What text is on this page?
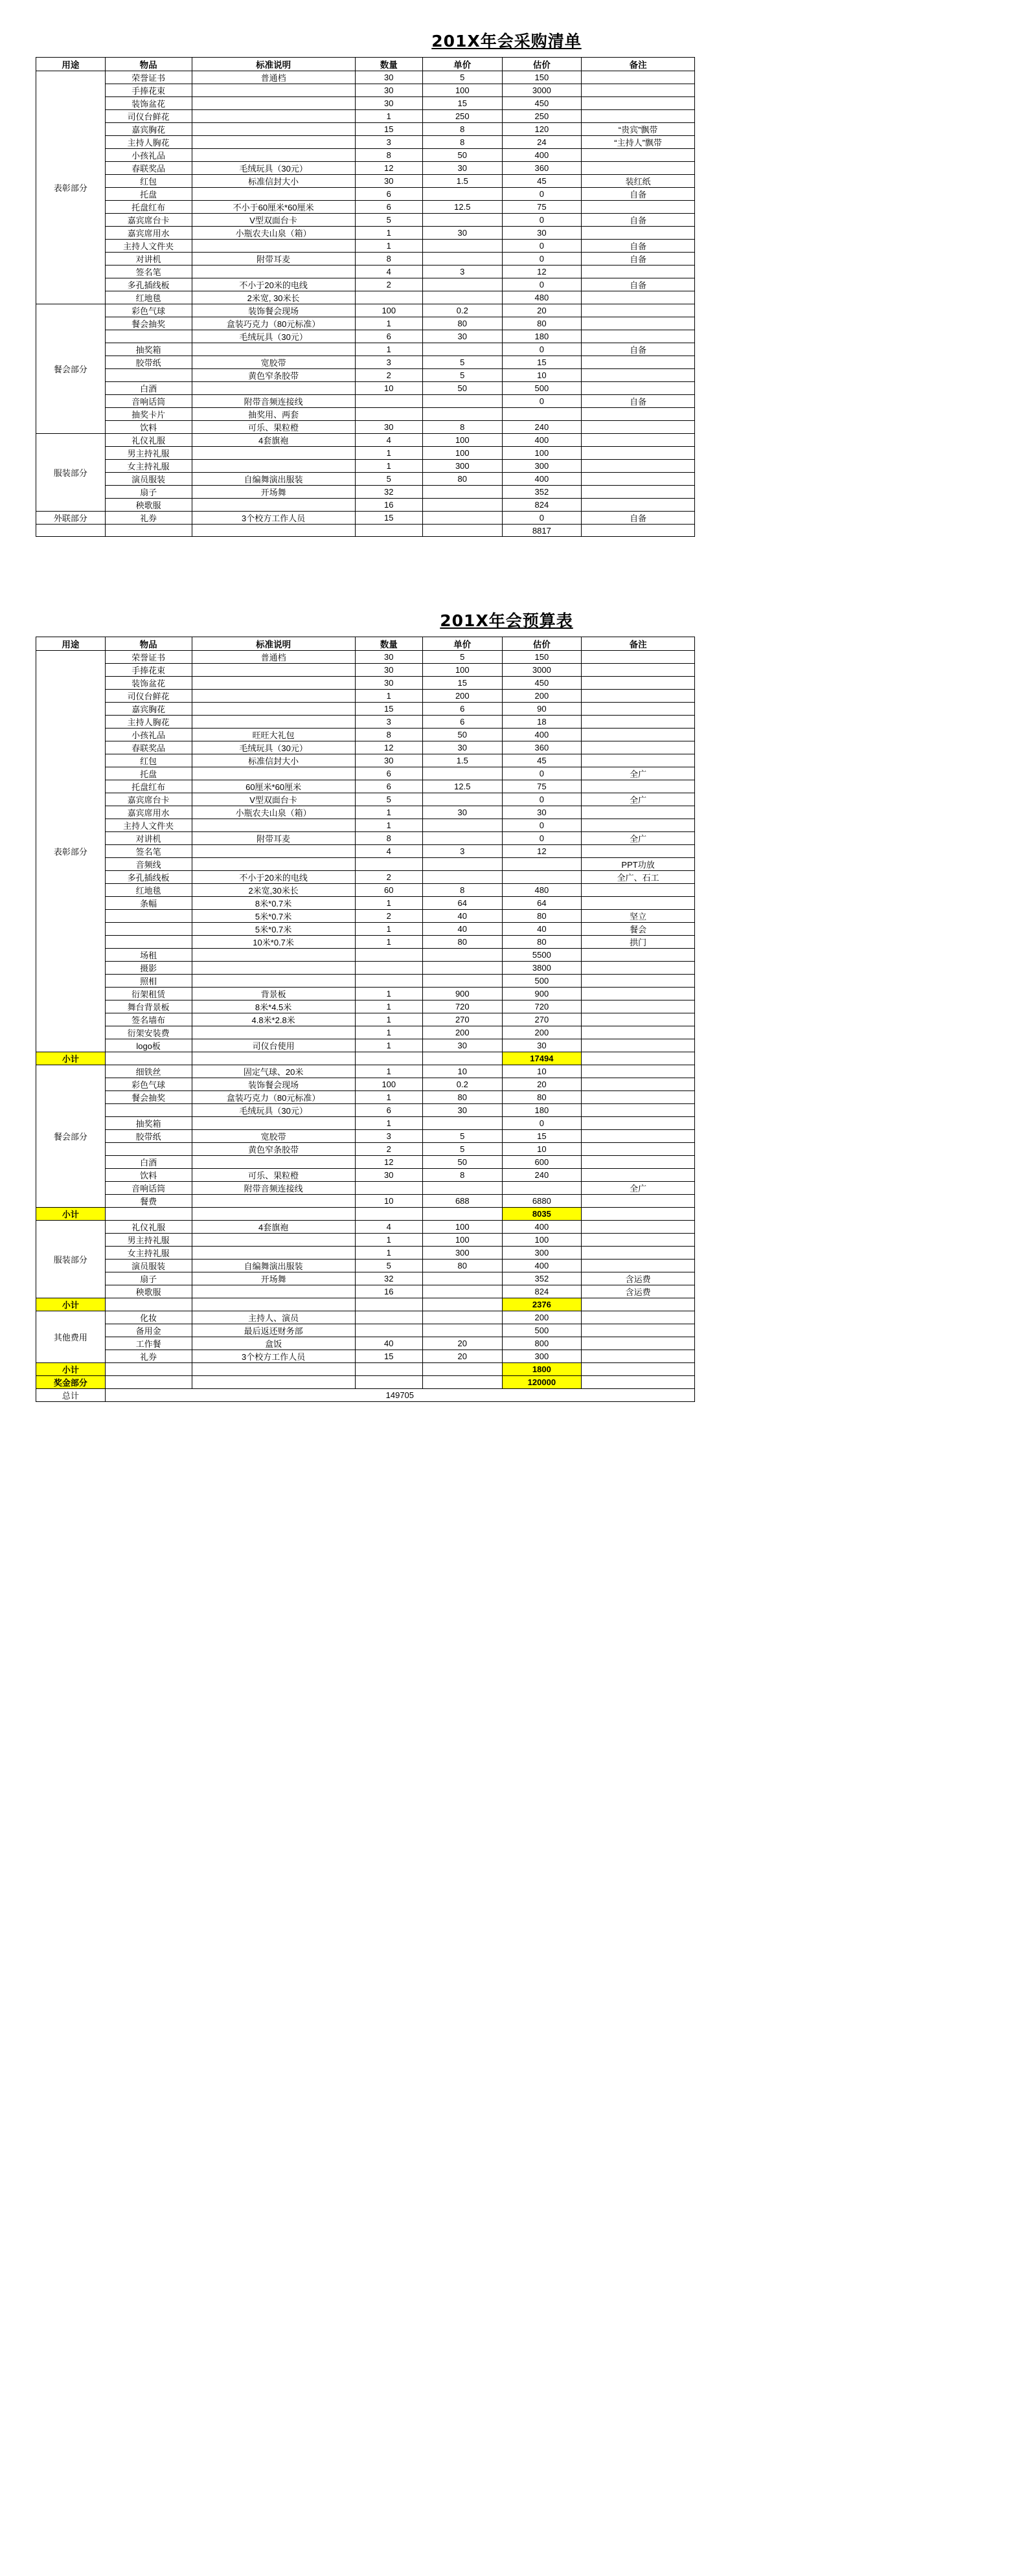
201X年会采购清单
用途	物品	标准说明	数量	单价	估价	备注
表彰部分	荣誉证书	普通档	30	5	150	
	手捧花束		30	100	3000	
	装饰盆花		30	15	450	
	司仪台鲜花		1	250	250	
	嘉宾胸花		15	8	120	“贵宾”飘带
	主持人胸花		3	8	24	“主持人”飘带
	小孩礼品		8	50	400	
	春联奖品	毛绒玩具（30元）	12	30	360	
	红包	标准信封大小	30	1.5	45	装红纸
	托盘		6		0	自备
	托盘红布	不小于60厘米*60厘米	6	12.5	75	
	嘉宾席台卡	V型双面台卡	5		0	自备
	嘉宾席用水	小瓶农夫山泉（箱）	1	30	30	
	主持人文件夹		1		0	自备
	对讲机	附带耳麦	8		0	自备
	签名笔		4	3	12	
	多孔插线板	不小于20米的电线	2		0	自备
	红地毯	2米宽, 30米长			480	
餐会部分	彩色气球	装饰餐会现场	100	0.2	20	
	餐会抽奖	盒装巧克力（80元标准）	1	80	80	
		毛绒玩具（30元）	6	30	180	
	抽奖箱		1		0	自备
	胶带纸	宽胶带	3	5	15	
		黄色窄条胶带	2	5	10	
	白酒		10	50	500	
	音响话筒	附带音频连接线			0	自备
	抽奖卡片	抽奖用、两套				
	饮料	可乐、果粒橙	30	8	240	
服装部分	礼仪礼服	4套旗袍	4	100	400	
	男主持礼服		1	100	100	
	女主持礼服		1	300	300	
	演员服装	自编舞演出服装	5	80	400	
	扇子	开场舞	32		352	
	秧歌服		16		824	
外联部分	礼券	3个校方工作人员	15		0	自备
					8817	
201X年会预算表
用途	物品	标准说明	数量	单价	估价	备注
表彰部分	荣誉证书	普通档	30	5	150	
	手捧花束		30	100	3000	
	装饰盆花		30	15	450	
	司仪台鲜花		1	200	200	
	嘉宾胸花		15	6	90	
	主持人胸花		3	6	18	
	小孩礼品	旺旺大礼包	8	50	400	
	春联奖品	毛绒玩具（30元）	12	30	360	
	红包	标准信封大小	30	1.5	45	
	托盘		6		0	全广
	托盘红布	60厘米*60厘米	6	12.5	75	
	嘉宾席台卡	V型双面台卡	5		0	全广
	嘉宾席用水	小瓶农夫山泉（箱）	1	30	30	
	主持人文件夹		1		0	
	对讲机	附带耳麦	8		0	全广
	签名笔		4	3	12	
	音频线					PPT功放
	多孔插线板	不小于20米的电线	2			全广、石工
	红地毯	2米宽,30米长	60	8	480	
	条幅	8米*0.7米	1	64	64	
		5米*0.7米	2	40	80	坚立
		5米*0.7米	1	40	40	餐会
		10米*0.7米	1	80	80	拱门
	场租				5500	
	摄影				3800	
	照相				500	
	衍架租赁	背景板	1	900	900	
	舞台背景板	8米*4.5米	1	720	720	
	签名墙布	4.8米*2.8米	1	270	270	
	衍架安装费		1	200	200	
	logo板	司仪台使用	1	30	30	
小计					17494	
餐会部分	细铁丝	固定气球、20米	1	10	10	
	彩色气球	装饰餐会现场	100	0.2	20	
	餐会抽奖	盒装巧克力（80元标准）	1	80	80	
		毛绒玩具（30元）	6	30	180	
	抽奖箱		1		0	
	胶带纸	宽胶带	3	5	15	
		黄色窄条胶带	2	5	10	
	白酒		12	50	600	
	饮料	可乐、果粒橙	30	8	240	
	音响话筒	附带音频连接线				全广
	餐费		10	688	6880	
小计					8035	
服装部分	礼仪礼服	4套旗袍	4	100	400	
	男主持礼服		1	100	100	
	女主持礼服		1	300	300	
	演员服装	自编舞演出服装	5	80	400	
	扇子	开场舞	32		352	含运费
	秧歌服		16		824	含运费
小计					2376	
其他费用	化妆	主持人、演员			200	
	备用金	最后返还财务部			500	
	工作餐	盒饭	40	20	800	
	礼券	3个校方工作人员	15	20	300	
小计					1800	
奖金部分					120000	
总计	149705					
